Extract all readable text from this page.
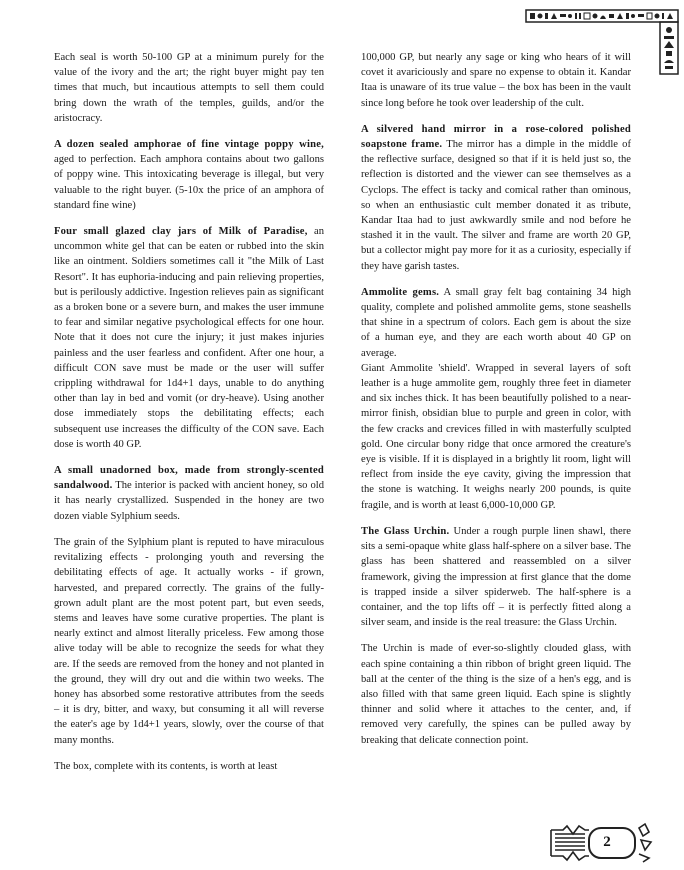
Each seal is worth 50-100 GP at a minimum purely for the value of the ivory and the art; the right buyer might pay ten times that much, but incautious attempts to sell them could bring down the wrath of the temples, guilds, and/or the aristocracy.

A dozen sealed amphorae of fine vintage poppy wine, aged to perfection. Each amphora contains about two gallons of poppy wine. This intoxicating beverage is illegal, but very valuable to the right buyer. (5-10x the price of an amphora of standard fine wine)

Four small glazed clay jars of Milk of Paradise, an uncommon white gel that can be eaten or rubbed into the skin like an ointment. Soldiers sometimes call it "the Milk of Last Resort". It has euphoria-inducing and pain relieving properties, but is perilously addictive. Ingestion relieves pain as significant as a broken bone or a severe burn, and makes the user immune to fear and similar negative psychological effects for one hour. Note that it does not cure the injury; it just makes injuries painless and the user fearless and confident. After one hour, a difficult CON save must be made or the user will suffer crippling withdrawal for 1d4+1 days, unable to do anything other than lay in bed and vomit (or dry-heave). Using another dose immediately stops the debilitating effects; each subsequent use increases the difficulty of the CON save. Each dose is worth 40 GP.

A small unadorned box, made from strongly-scented sandalwood. The interior is packed with ancient honey, so old it has nearly crystallized. Suspended in the honey are two dozen viable Sylphium seeds.

The grain of the Sylphium plant is reputed to have miraculous revitalizing effects - prolonging youth and reversing the debilitating effects of age. It actually works - if grown, harvested, and prepared correctly. The grains of the fully-grown adult plant are the most potent part, but even seeds, stems and leaves have some curative properties. The plant is nearly extinct and almost literally priceless. Few among those alive today will be able to recognize the seeds for what they are. If the seeds are removed from the honey and not planted in the ground, they will dry out and die within two weeks. The honey has absorbed some restorative attributes from the seeds – it is dry, bitter, and waxy, but consuming it all will reverse the eater's age by 1d4+1 years, slowly, over the course of that many months.

The box, complete with its contents, is worth at least

100,000 GP, but nearly any sage or king who hears of it will covet it avariciously and spare no expense to obtain it. Kandar Itaa is unaware of its true value – the box has been in the vault since long before he took over leadership of the cult.

A silvered hand mirror in a rose-colored polished soapstone frame. The mirror has a dimple in the middle of the reflective surface, designed so that if it is held just so, the reflection is distorted and the viewer can see themselves as a Cyclops. The effect is tacky and comical rather than ominous, so when an enthusiastic cult member donated it as tribute, Kandar Itaa had to just awkwardly smile and nod before he stashed it in the vault. The silver and frame are worth 20 GP, but a collector might pay more for it as a curiosity, especially if they have garish tastes.

Ammolite gems. A small gray felt bag containing 34 high quality, complete and polished ammolite gems, stone seashells that shine in a spectrum of colors. Each gem is about the size of a human eye, and they are each worth about 40 GP on average.

Giant Ammolite 'shield'. Wrapped in several layers of soft leather is a huge ammolite gem, roughly three feet in diameter and six inches thick. It has been beautifully polished to a near-mirror finish, obsidian blue to purple and green in color, with the few cracks and crevices filled in with masterfully sculpted gold. One circular bony ridge that once armored the creature's eye is visible. If it is displayed in a brightly lit room, light will reflect from inside the eye cavity, giving the impression that the stone is watching. It weighs nearly 200 pounds, is quite fragile, and is worth at least 6,000-10,000 GP.

The Glass Urchin. Under a rough purple linen shawl, there sits a semi-opaque white glass half-sphere on a silver base. The glass has been shattered and reassembled on a silver framework, giving the impression at first glance that the dome is trapped inside a silver spiderweb. The half-sphere is a container, and the top lifts off – it is perfectly fitted along a silver seam, and inside is the real treasure: the Glass Urchin.

The Urchin is made of ever-so-slightly clouded glass, with each spine containing a thin ribbon of bright green liquid. The ball at the center of the thing is the size of a hen's egg, and is also filled with that same green liquid. Each spine is slightly thinner and solid where it attaches to the center, and, if removed very carefully, the spines can be pulled away by breaking that delicate connection point.

2
